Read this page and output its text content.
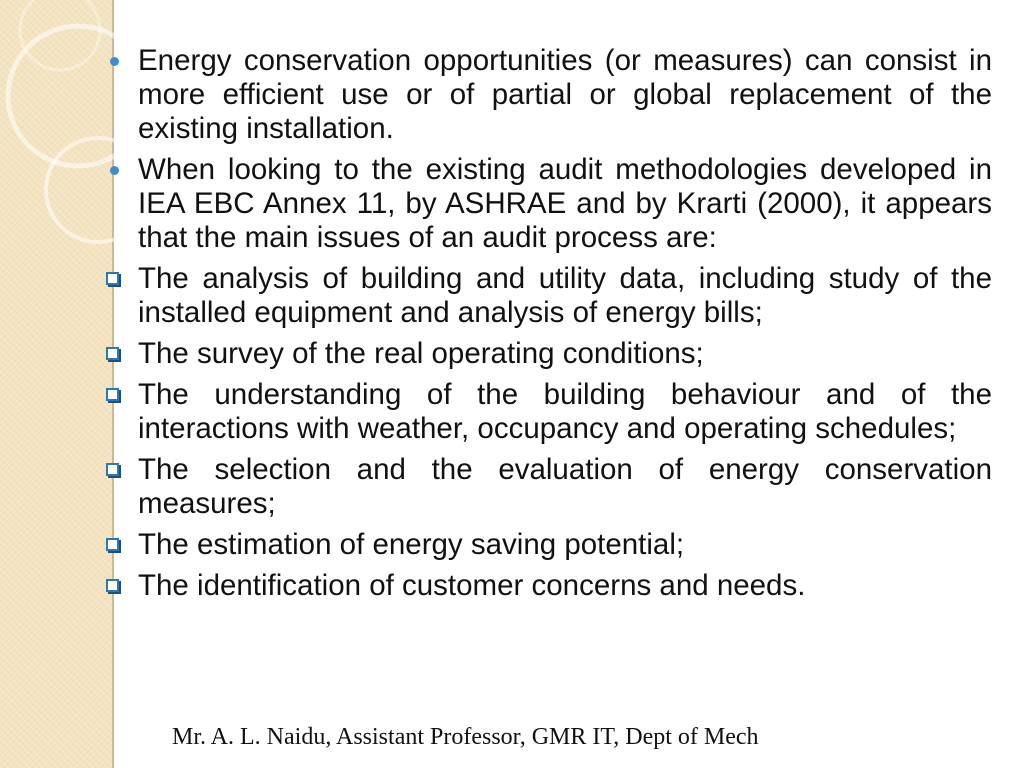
Energy conservation opportunities (or measures) can consist in more efficient use or of partial or global replacement of the existing installation.
When looking to the existing audit methodologies developed in IEA EBC Annex 11, by ASHRAE and by Krarti (2000), it appears that the main issues of an audit process are:
The analysis of building and utility data, including study of the installed equipment and analysis of energy bills;
The survey of the real operating conditions;
The understanding of the building behaviour and of the interactions with weather, occupancy and operating schedules;
The selection and the evaluation of energy conservation measures;
The estimation of energy saving potential;
The identification of customer concerns and needs.
Mr. A. L. Naidu, Assistant Professor, GMR IT, Dept of Mech
